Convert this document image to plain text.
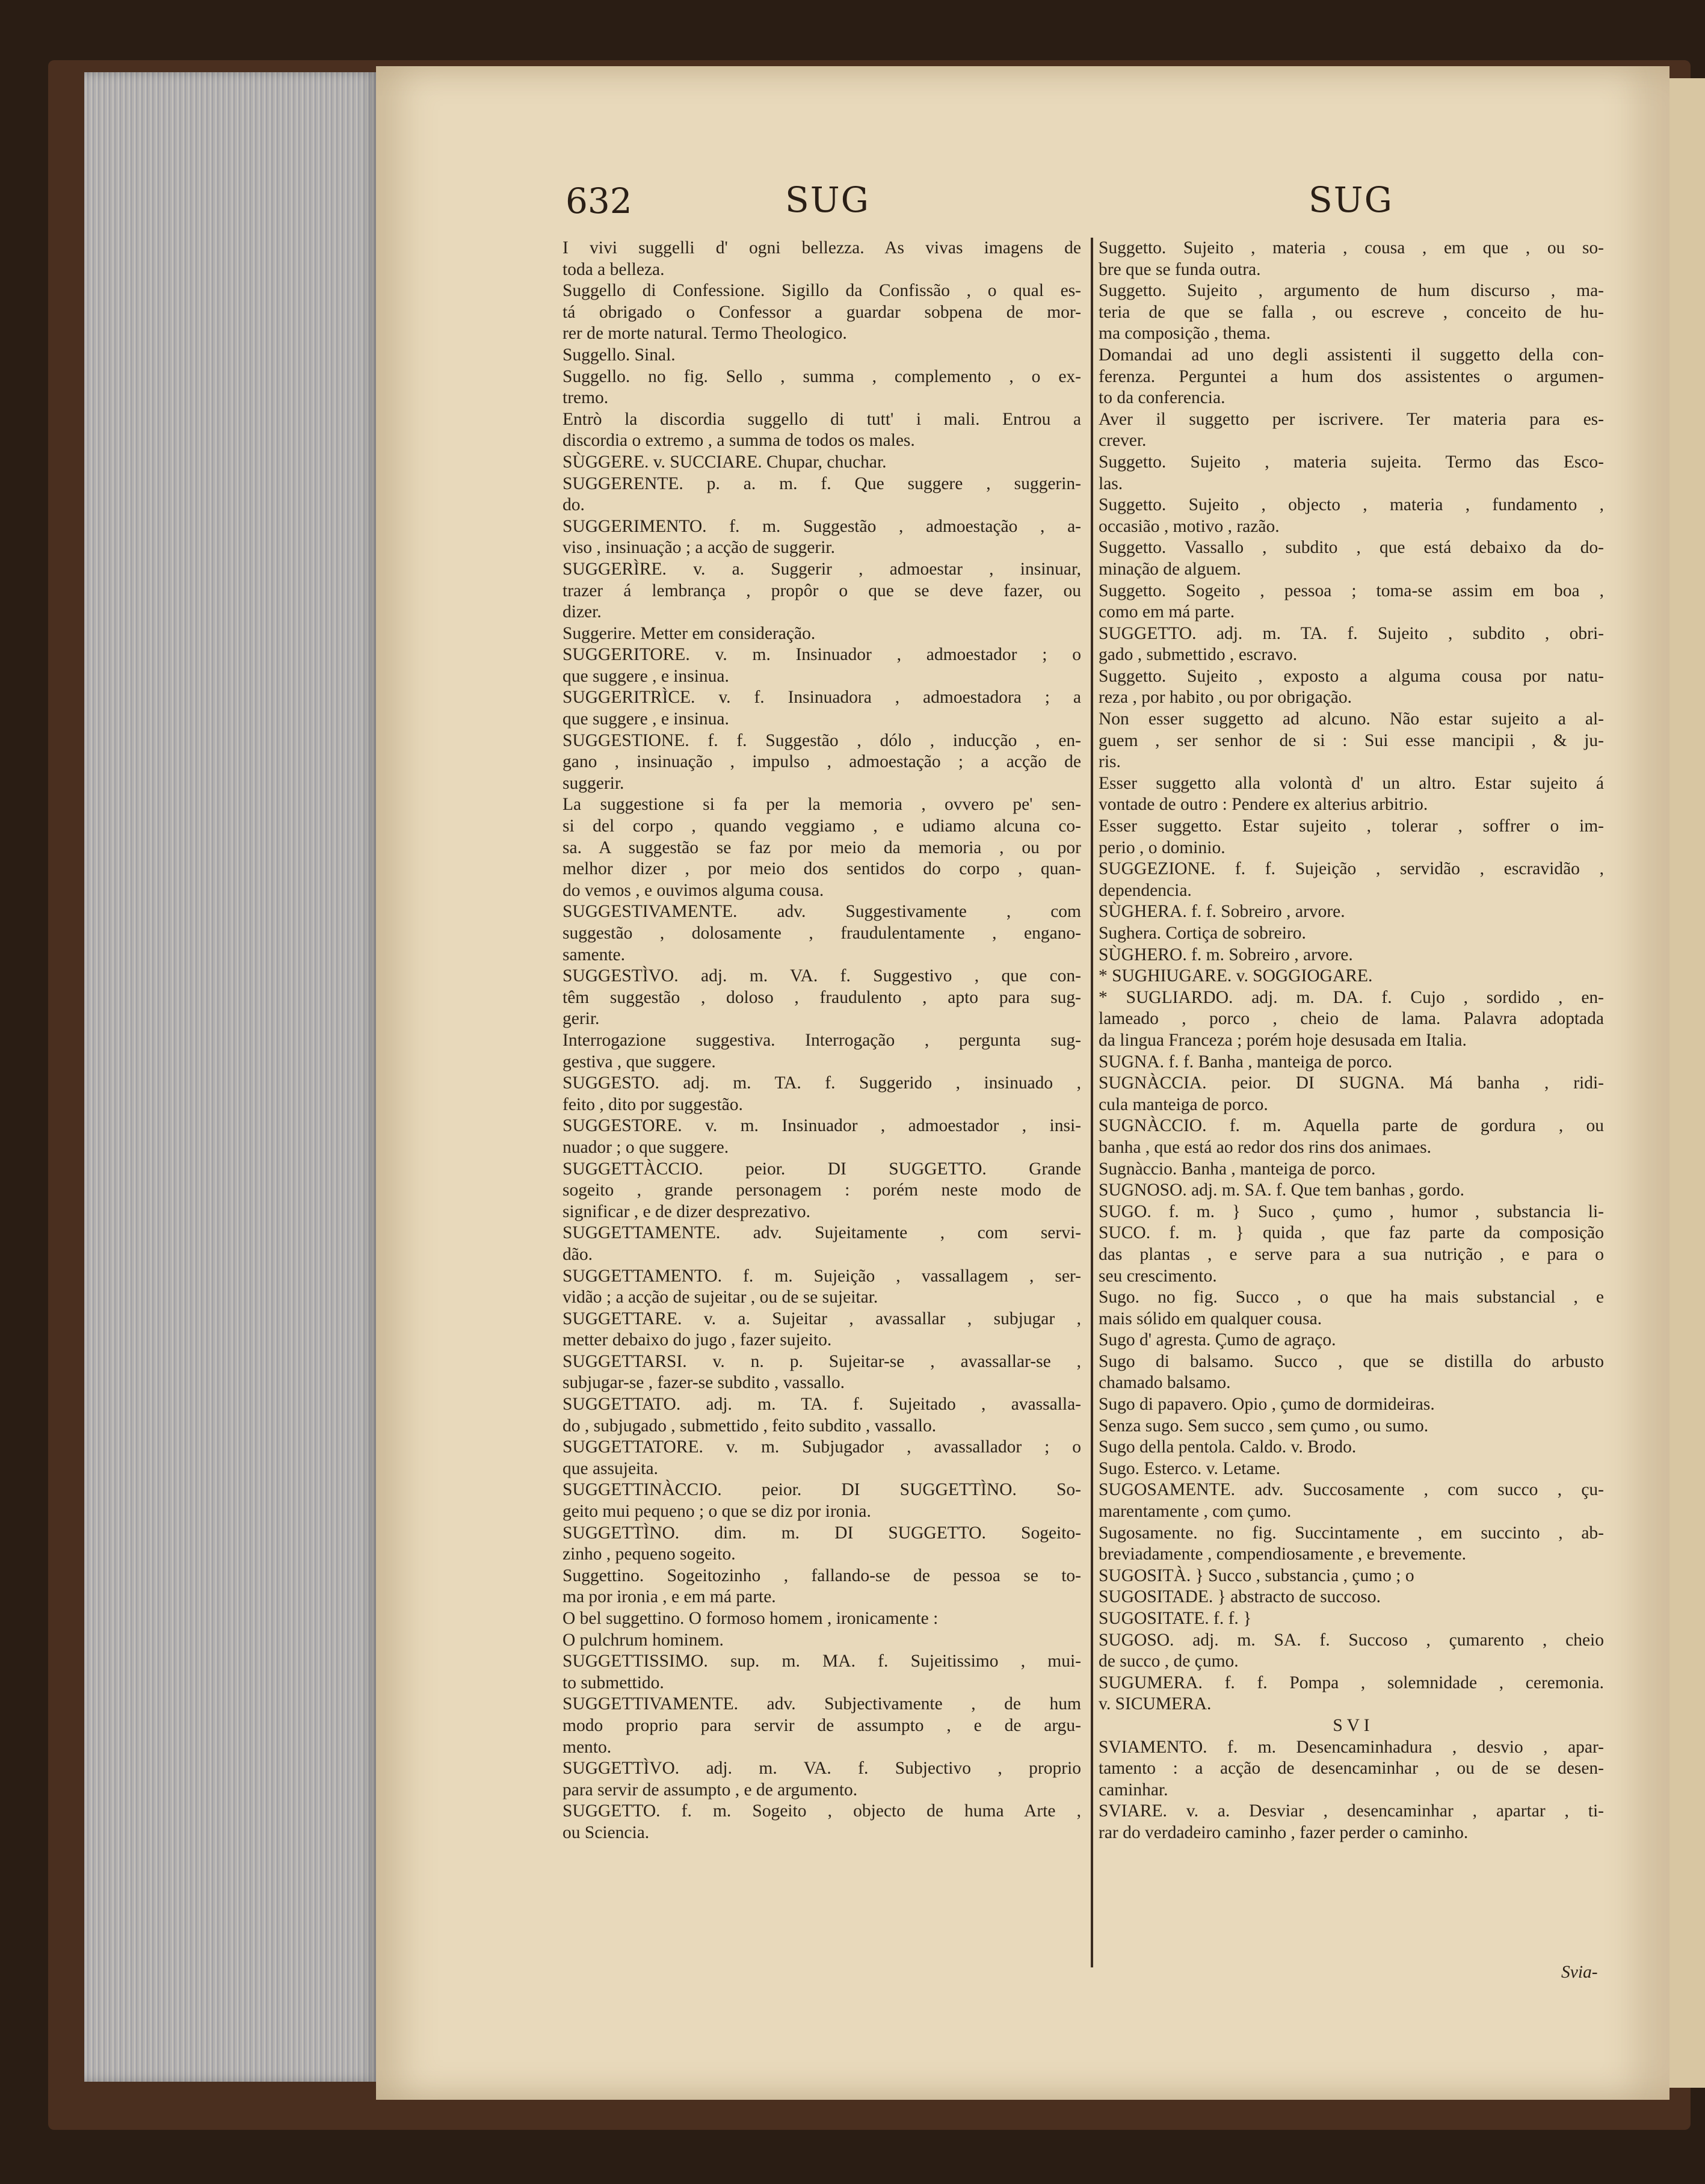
632	SUG	SUG
I vivi suggelli d' ogni bellezza. As vivas imagens de
toda a belleza.
Suggello di Confessione. Sigillo da Confissão , o qual es-
tá obrigado o Confessor a guardar sobpena de mor-
rer de morte natural. Termo Theologico.
Suggello. Sinal.
Suggello. no fig. Sello , summa , complemento , o ex-
tremo.
Entrò la discordia suggello di tutt' i mali. Entrou a
discordia o extremo , a summa de todos os males.
SÙGGERE. v. SUCCIARE. Chupar, chuchar.
SUGGERENTE. p. a. m. f. Que suggere , suggerin-
do.
SUGGERIMENTO. f. m. Suggestão , admoestação , a-
viso , insinuação ; a acção de suggerir.
SUGGERÌRE. v. a. Suggerir , admoestar , insinuar,
trazer á lembrança , propôr o que se deve fazer, ou
dizer.
Suggerire. Metter em consideração.
SUGGERITORE. v. m. Insinuador , admoestador ; o
que suggere , e insinua.
SUGGERITRÌCE. v. f. Insinuadora , admoestadora ; a
que suggere , e insinua.
SUGGESTIONE. f. f. Suggestão , dólo , inducção , en-
gano , insinuação , impulso , admoestação ; a acção de
suggerir.
La suggestione si fa per la memoria , ovvero pe' sen-
si del corpo , quando veggiamo , e udiamo alcuna co-
sa. A suggestão se faz por meio da memoria , ou por
melhor dizer , por meio dos sentidos do corpo , quan-
do vemos , e ouvimos alguma cousa.
SUGGESTIVAMENTE. adv. Suggestivamente , com
suggestão , dolosamente , fraudulentamente , engano-
samente.
SUGGESTÌVO. adj. m. VA. f. Suggestivo , que con-
têm suggestão , doloso , fraudulento , apto para sug-
gerir.
Interrogazione suggestiva. Interrogação , pergunta sug-
gestiva , que suggere.
SUGGESTO. adj. m. TA. f. Suggerido , insinuado ,
feito , dito por suggestão.
SUGGESTORE. v. m. Insinuador , admoestador , insi-
nuador ; o que suggere.
SUGGETTÀCCIO. peior. DI SUGGETTO. Grande
sogeito , grande personagem : porém neste modo de
significar , e de dizer desprezativo.
SUGGETTAMENTE. adv. Sujeitamente , com servi-
dão.
SUGGETTAMENTO. f. m. Sujeição , vassallagem , ser-
vidão ; a acção de sujeitar , ou de se sujeitar.
SUGGETTARE. v. a. Sujeitar , avassallar , subjugar ,
metter debaixo do jugo , fazer sujeito.
SUGGETTARSI. v. n. p. Sujeitar-se , avassallar-se ,
subjugar-se , fazer-se subdito , vassallo.
SUGGETTATO. adj. m. TA. f. Sujeitado , avassalla-
do , subjugado , submettido , feito subdito , vassallo.
SUGGETTATORE. v. m. Subjugador , avassallador ; o
que assujeita.
SUGGETTINÀCCIO. peior. DI SUGGETTÌNO. So-
geito mui pequeno ; o que se diz por ironia.
SUGGETTÌNO. dim. m. DI SUGGETTO. Sogeito-
zinho , pequeno sogeito.
Suggettino. Sogeitozinho , fallando-se de pessoa se to-
ma por ironia , e em má parte.
O bel suggettino. O formoso homem , ironicamente :
O pulchrum hominem.
SUGGETTISSIMO. sup. m. MA. f. Sujeitissimo , mui-
to submettido.
SUGGETTIVAMENTE. adv. Subjectivamente , de hum
modo proprio para servir de assumpto , e de argu-
mento.
SUGGETTÌVO. adj. m. VA. f. Subjectivo , proprio
para servir de assumpto , e de argumento.
SUGGETTO. f. m. Sogeito , objecto de huma Arte ,
ou Sciencia.
Suggetto. Sujeito , materia , cousa , em que , ou so-
bre que se funda outra.
Suggetto. Sujeito , argumento de hum discurso , ma-
teria de que se falla , ou escreve , conceito de hu-
ma composição , thema.
Domandai ad uno degli assistenti il suggetto della con-
ferenza. Perguntei a hum dos assistentes o argumen-
to da conferencia.
Aver il suggetto per iscrivere. Ter materia para es-
crever.
Suggetto. Sujeito , materia sujeita. Termo das Esco-
las.
Suggetto. Sujeito , objecto , materia , fundamento ,
occasião , motivo , razão.
Suggetto. Vassallo , subdito , que está debaixo da do-
minação de alguem.
Suggetto. Sogeito , pessoa ; toma-se assim em boa ,
como em má parte.
SUGGETTO. adj. m. TA. f. Sujeito , subdito , obri-
gado , submettido , escravo.
Suggetto. Sujeito , exposto a alguma cousa por natu-
reza , por habito , ou por obrigação.
Non esser suggetto ad alcuno. Não estar sujeito a al-
guem , ser senhor de si : Sui esse mancipii , & ju-
ris.
Esser suggetto alla volontà d' un altro. Estar sujeito á
vontade de outro : Pendere ex alterius arbitrio.
Esser suggetto. Estar sujeito , tolerar , soffrer o im-
perio , o dominio.
SUGGEZIONE. f. f. Sujeição , servidão , escravidão ,
dependencia.
SÙGHERA. f. f. Sobreiro , arvore.
Sughera. Cortiça de sobreiro.
SÙGHERO. f. m. Sobreiro , arvore.
* SUGHIUGARE. v. SOGGIOGARE.
* SUGLIARDO. adj. m. DA. f. Cujo , sordido , en-
lameado , porco , cheio de lama. Palavra adoptada
da lingua Franceza ; porém hoje desusada em Italia.
SUGNA. f. f. Banha , manteiga de porco.
SUGNÀCCIA. peior. DI SUGNA. Má banha , ridi-
cula manteiga de porco.
SUGNÀCCIO. f. m. Aquella parte de gordura , ou
banha , que está ao redor dos rins dos animaes.
Sugnàccio. Banha , manteiga de porco.
SUGNOSO. adj. m. SA. f. Que tem banhas , gordo.
SUGO. f. m. } Suco , çumo , humor , substancia li-
SUCO. f. m. } quida , que faz parte da composição
das plantas , e serve para a sua nutrição , e para o
seu crescimento.
Sugo. no fig. Succo , o que ha mais substancial , e
mais sólido em qualquer cousa.
Sugo d' agresta. Çumo de agraço.
Sugo di balsamo. Succo , que se distilla do arbusto
chamado balsamo.
Sugo di papavero. Opio , çumo de dormideiras.
Senza sugo. Sem succo , sem çumo , ou sumo.
Sugo della pentola. Caldo. v. Brodo.
Sugo. Esterco. v. Letame.
SUGOSAMENTE. adv. Succosamente , com succo , çu-
marentamente , com çumo.
Sugosamente. no fig. Succintamente , em succinto , ab-
breviadamente , compendiosamente , e brevemente.
SUGOSITÀ. } Succo , substancia , çumo ; o
SUGOSITADE. } abstracto de succoso.
SUGOSITATE. f. f. }
SUGOSO. adj. m. SA. f. Succoso , çumarento , cheio
de succo , de çumo.
SUGUMERA. f. f. Pompa , solemnidade , ceremonia.
v. SICUMERA.
S V I
SVIAMENTO. f. m. Desencaminhadura , desvio , apar-
tamento : a acção de desencaminhar , ou de se desen-
caminhar.
SVIARE. v. a. Desviar , desencaminhar , apartar , ti-
rar do verdadeiro caminho , fazer perder o caminho.
Svia-
